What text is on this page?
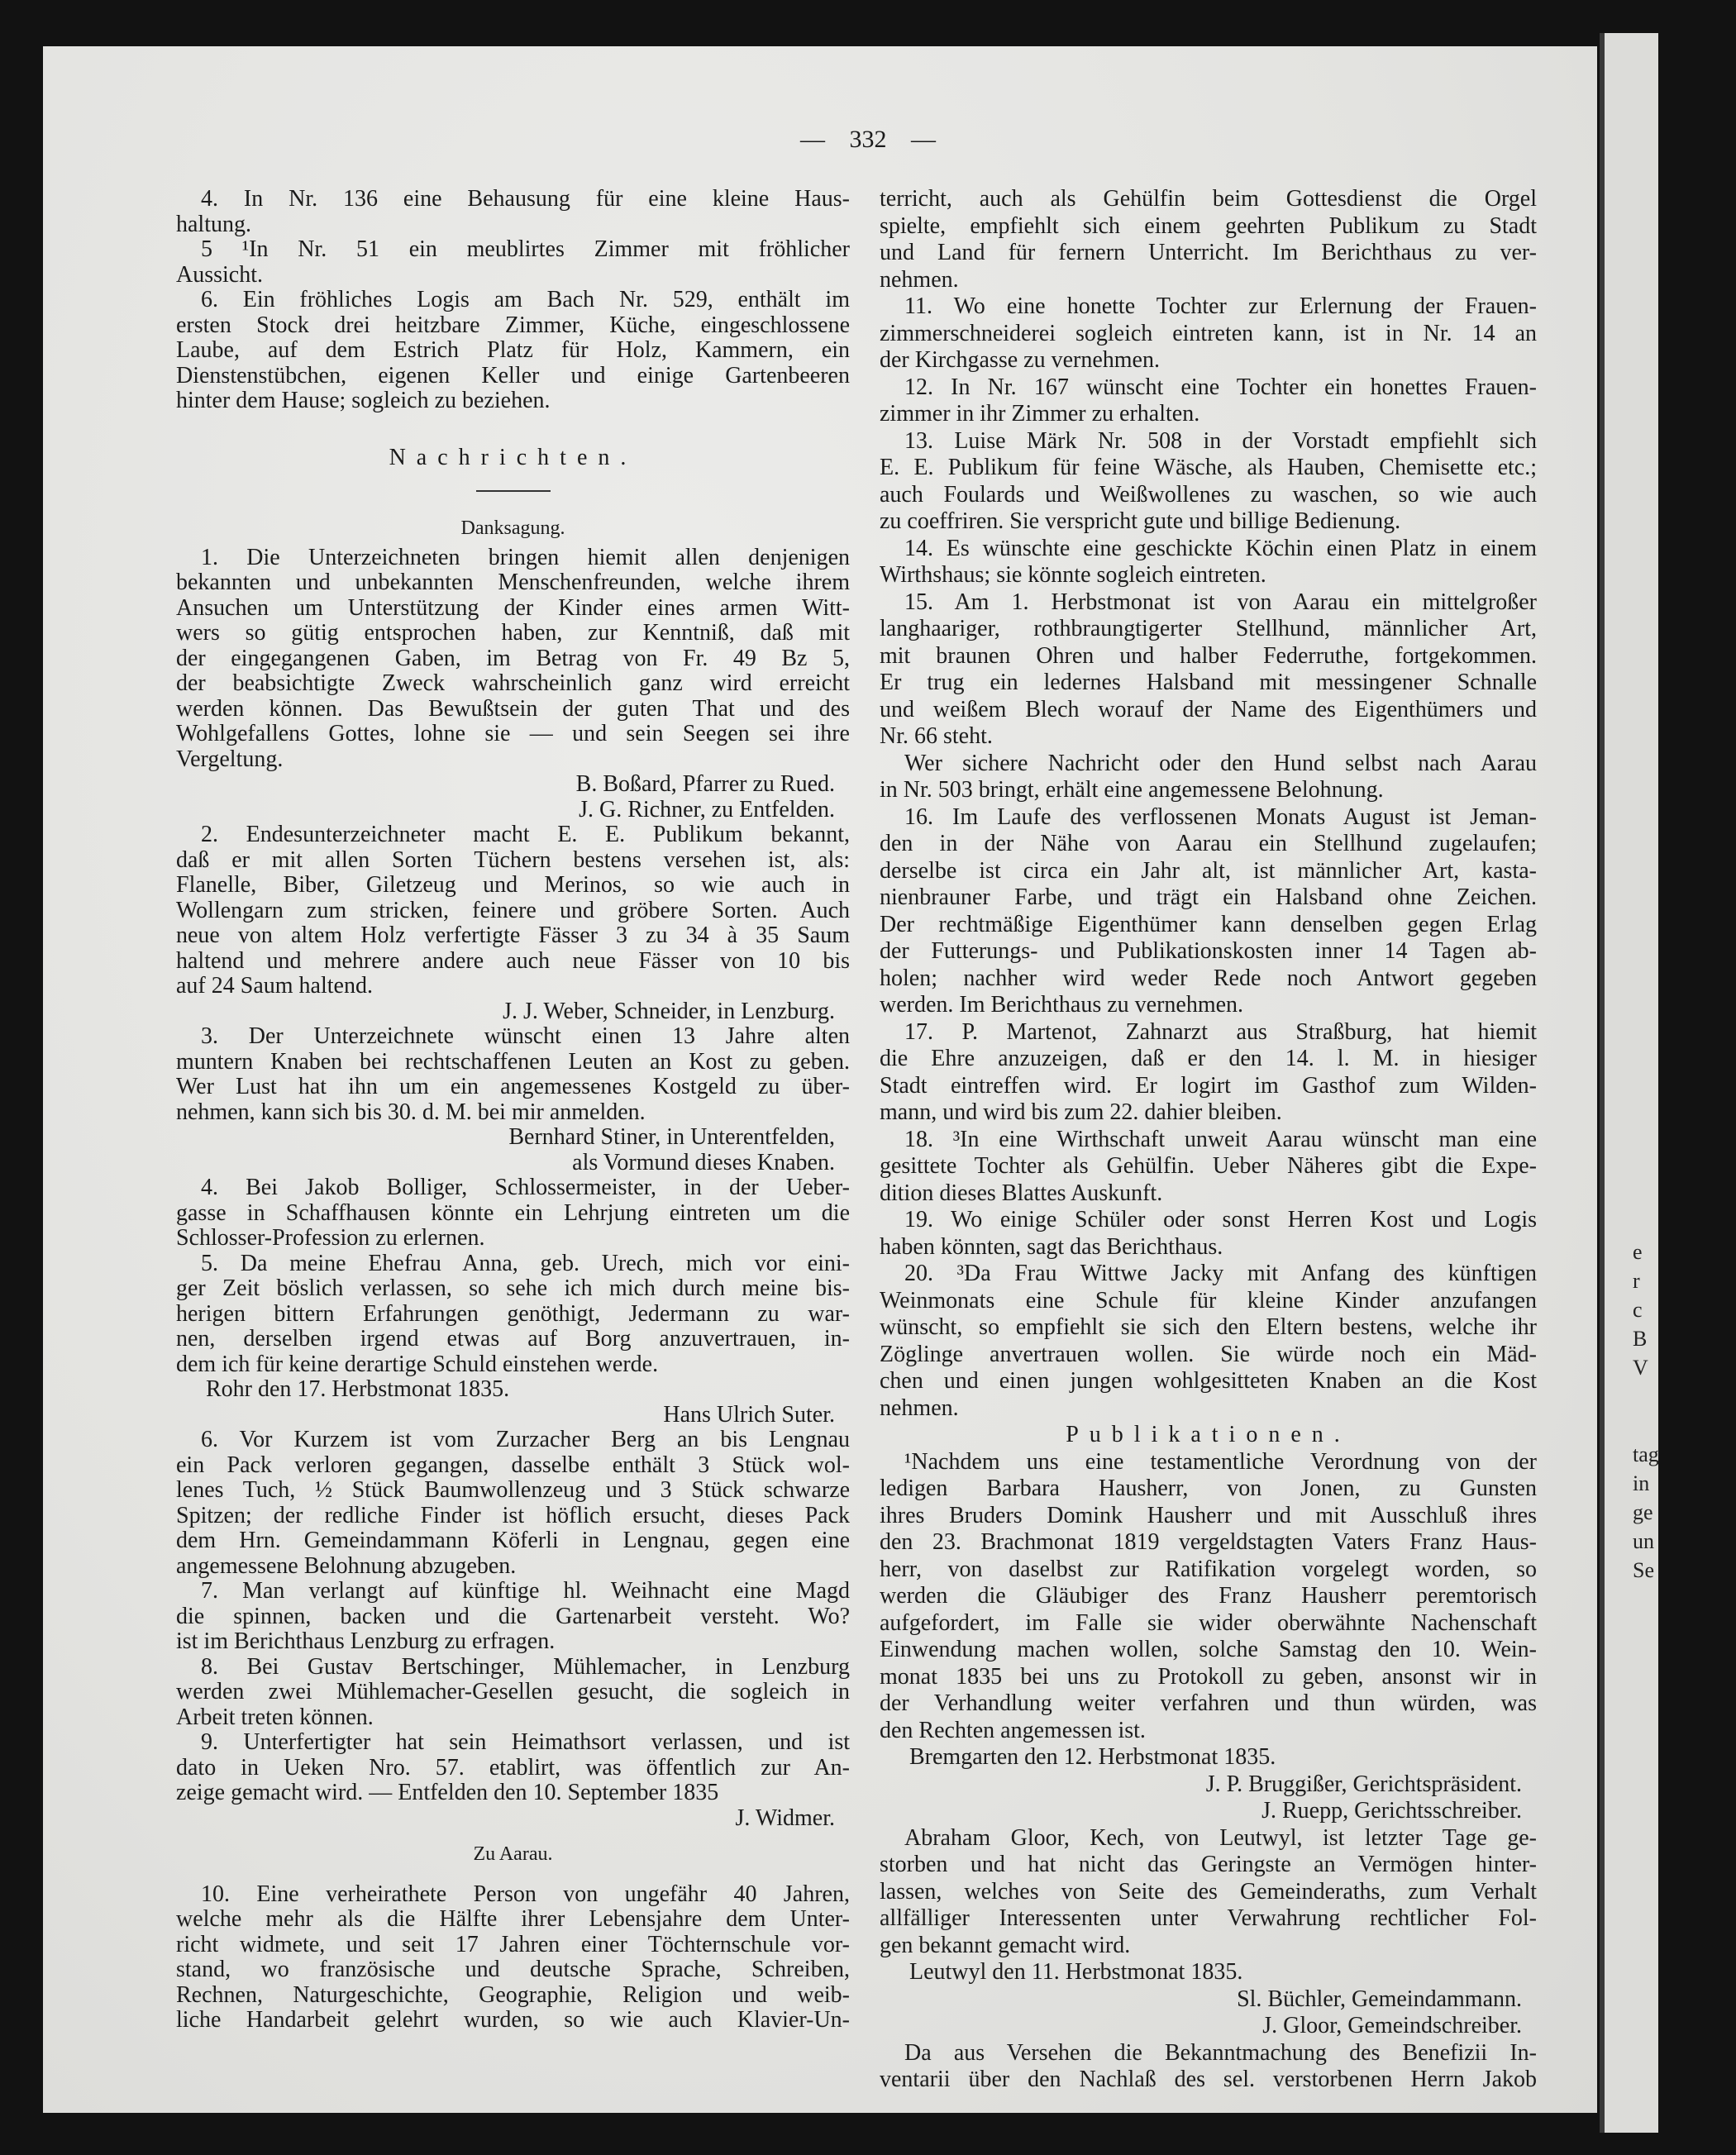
— 332 —
4. In Nr. 136 eine Behausung für eine kleine Haus-
haltung.
5 ¹In Nr. 51 ein meublirtes Zimmer mit fröhlicher
Aussicht.
6. Ein fröhliches Logis am Bach Nr. 529, enthält im
ersten Stock drei heitzbare Zimmer, Küche, eingeschlossene
Laube, auf dem Estrich Platz für Holz, Kammern, ein
Dienstenstübchen, eigenen Keller und einige Gartenbeeren
hinter dem Hause; sogleich zu beziehen.
Nachrichten.
Danksagung.
1. Die Unterzeichneten bringen hiemit allen denjenigen
bekannten und unbekannten Menschenfreunden, welche ihrem
Ansuchen um Unterstützung der Kinder eines armen Witt-
wers so gütig entsprochen haben, zur Kenntniß, daß mit
der eingegangenen Gaben, im Betrag von Fr. 49 Bz 5,
der beabsichtigte Zweck wahrscheinlich ganz wird erreicht
werden können. Das Bewußtsein der guten That und des
Wohlgefallens Gottes, lohne sie — und sein Seegen sei ihre
Vergeltung.
B. Boßard, Pfarrer zu Rued.
J. G. Richner, zu Entfelden.
2. Endesunterzeichneter macht E. E. Publikum bekannt,
daß er mit allen Sorten Tüchern bestens versehen ist, als:
Flanelle, Biber, Giletzeug und Merinos, so wie auch in
Wollengarn zum stricken, feinere und gröbere Sorten. Auch
neue von altem Holz verfertigte Fässer 3 zu 34 à 35 Saum
haltend und mehrere andere auch neue Fässer von 10 bis
auf 24 Saum haltend.
J. J. Weber, Schneider, in Lenzburg.
3. Der Unterzeichnete wünscht einen 13 Jahre alten
muntern Knaben bei rechtschaffenen Leuten an Kost zu geben.
Wer Lust hat ihn um ein angemessenes Kostgeld zu über-
nehmen, kann sich bis 30. d. M. bei mir anmelden.
Bernhard Stiner, in Unterentfelden,
als Vormund dieses Knaben.
4. Bei Jakob Bolliger, Schlossermeister, in der Ueber-
gasse in Schaffhausen könnte ein Lehrjung eintreten um die
Schlosser-Profession zu erlernen.
5. Da meine Ehefrau Anna, geb. Urech, mich vor eini-
ger Zeit böslich verlassen, so sehe ich mich durch meine bis-
herigen bittern Erfahrungen genöthigt, Jedermann zu war-
nen, derselben irgend etwas auf Borg anzuvertrauen, in-
dem ich für keine derartige Schuld einstehen werde.
Rohr den 17. Herbstmonat 1835.
Hans Ulrich Suter.
6. Vor Kurzem ist vom Zurzacher Berg an bis Lengnau
ein Pack verloren gegangen, dasselbe enthält 3 Stück wol-
lenes Tuch, ½ Stück Baumwollenzeug und 3 Stück schwarze
Spitzen; der redliche Finder ist höflich ersucht, dieses Pack
dem Hrn. Gemeindammann Köferli in Lengnau, gegen eine
angemessene Belohnung abzugeben.
7. Man verlangt auf künftige hl. Weihnacht eine Magd
die spinnen, backen und die Gartenarbeit versteht. Wo?
ist im Berichthaus Lenzburg zu erfragen.
8. Bei Gustav Bertschinger, Mühlemacher, in Lenzburg
werden zwei Mühlemacher-Gesellen gesucht, die sogleich in
Arbeit treten können.
9. Unterfertigter hat sein Heimathsort verlassen, und ist
dato in Ueken Nro. 57. etablirt, was öffentlich zur An-
zeige gemacht wird. — Entfelden den 10. September 1835
J. Widmer.
Zu Aarau.
10. Eine verheirathete Person von ungefähr 40 Jahren,
welche mehr als die Hälfte ihrer Lebensjahre dem Unter-
richt widmete, und seit 17 Jahren einer Töchternschule vor-
stand, wo französische und deutsche Sprache, Schreiben,
Rechnen, Naturgeschichte, Geographie, Religion und weib-
liche Handarbeit gelehrt wurden, so wie auch Klavier-Un-
terricht, auch als Gehülfin beim Gottesdienst die Orgel
spielte, empfiehlt sich einem geehrten Publikum zu Stadt
und Land für fernern Unterricht. Im Berichthaus zu ver-
nehmen.
11. Wo eine honette Tochter zur Erlernung der Frauen-
zimmerschneiderei sogleich eintreten kann, ist in Nr. 14 an
der Kirchgasse zu vernehmen.
12. In Nr. 167 wünscht eine Tochter ein honettes Frauen-
zimmer in ihr Zimmer zu erhalten.
13. Luise Märk Nr. 508 in der Vorstadt empfiehlt sich
E. E. Publikum für feine Wäsche, als Hauben, Chemisette etc.;
auch Foulards und Weißwollenes zu waschen, so wie auch
zu coeffriren. Sie verspricht gute und billige Bedienung.
14. Es wünschte eine geschickte Köchin einen Platz in einem
Wirthshaus; sie könnte sogleich eintreten.
15. Am 1. Herbstmonat ist von Aarau ein mittelgroßer
langhaariger, rothbraungtigerter Stellhund, männlicher Art,
mit braunen Ohren und halber Federruthe, fortgekommen.
Er trug ein ledernes Halsband mit messingener Schnalle
und weißem Blech worauf der Name des Eigenthümers und
Nr. 66 steht.
Wer sichere Nachricht oder den Hund selbst nach Aarau
in Nr. 503 bringt, erhält eine angemessene Belohnung.
16. Im Laufe des verflossenen Monats August ist Jeman-
den in der Nähe von Aarau ein Stellhund zugelaufen;
derselbe ist circa ein Jahr alt, ist männlicher Art, kasta-
nienbrauner Farbe, und trägt ein Halsband ohne Zeichen.
Der rechtmäßige Eigenthümer kann denselben gegen Erlag
der Futterungs- und Publikationskosten inner 14 Tagen ab-
holen; nachher wird weder Rede noch Antwort gegeben
werden. Im Berichthaus zu vernehmen.
17. P. Martenot, Zahnarzt aus Straßburg, hat hiemit
die Ehre anzuzeigen, daß er den 14. l. M. in hiesiger
Stadt eintreffen wird. Er logirt im Gasthof zum Wilden-
mann, und wird bis zum 22. dahier bleiben.
18. ³In eine Wirthschaft unweit Aarau wünscht man eine
gesittete Tochter als Gehülfin. Ueber Näheres gibt die Expe-
dition dieses Blattes Auskunft.
19. Wo einige Schüler oder sonst Herren Kost und Logis
haben könnten, sagt das Berichthaus.
20. ³Da Frau Wittwe Jacky mit Anfang des künftigen
Weinmonats eine Schule für kleine Kinder anzufangen
wünscht, so empfiehlt sie sich den Eltern bestens, welche ihr
Zöglinge anvertrauen wollen. Sie würde noch ein Mäd-
chen und einen jungen wohlgesitteten Knaben an die Kost
nehmen.
Publikationen.
¹Nachdem uns eine testamentliche Verordnung von der
ledigen Barbara Hausherr, von Jonen, zu Gunsten
ihres Bruders Domink Hausherr und mit Ausschluß ihres
den 23. Brachmonat 1819 vergeldstagten Vaters Franz Haus-
herr, von daselbst zur Ratifikation vorgelegt worden, so
werden die Gläubiger des Franz Hausherr peremtorisch
aufgefordert, im Falle sie wider oberwähnte Nachenschaft
Einwendung machen wollen, solche Samstag den 10. Wein-
monat 1835 bei uns zu Protokoll zu geben, ansonst wir in
der Verhandlung weiter verfahren und thun würden, was
den Rechten angemessen ist.
Bremgarten den 12. Herbstmonat 1835.
J. P. Bruggißer, Gerichtspräsident.
J. Ruepp, Gerichtsschreiber.
Abraham Gloor, Kech, von Leutwyl, ist letzter Tage ge-
storben und hat nicht das Geringste an Vermögen hinter-
lassen, welches von Seite des Gemeinderaths, zum Verhalt
allfälliger Interessenten unter Verwahrung rechtlicher Fol-
gen bekannt gemacht wird.
Leutwyl den 11. Herbstmonat 1835.
Sl. Büchler, Gemeindammann.
J. Gloor, Gemeindschreiber.
Da aus Versehen die Bekanntmachung des Benefizii In-
ventarii über den Nachlaß des sel. verstorbenen Herrn Jakob
e
r
c
B
V
tag
in
ge
un
Se
